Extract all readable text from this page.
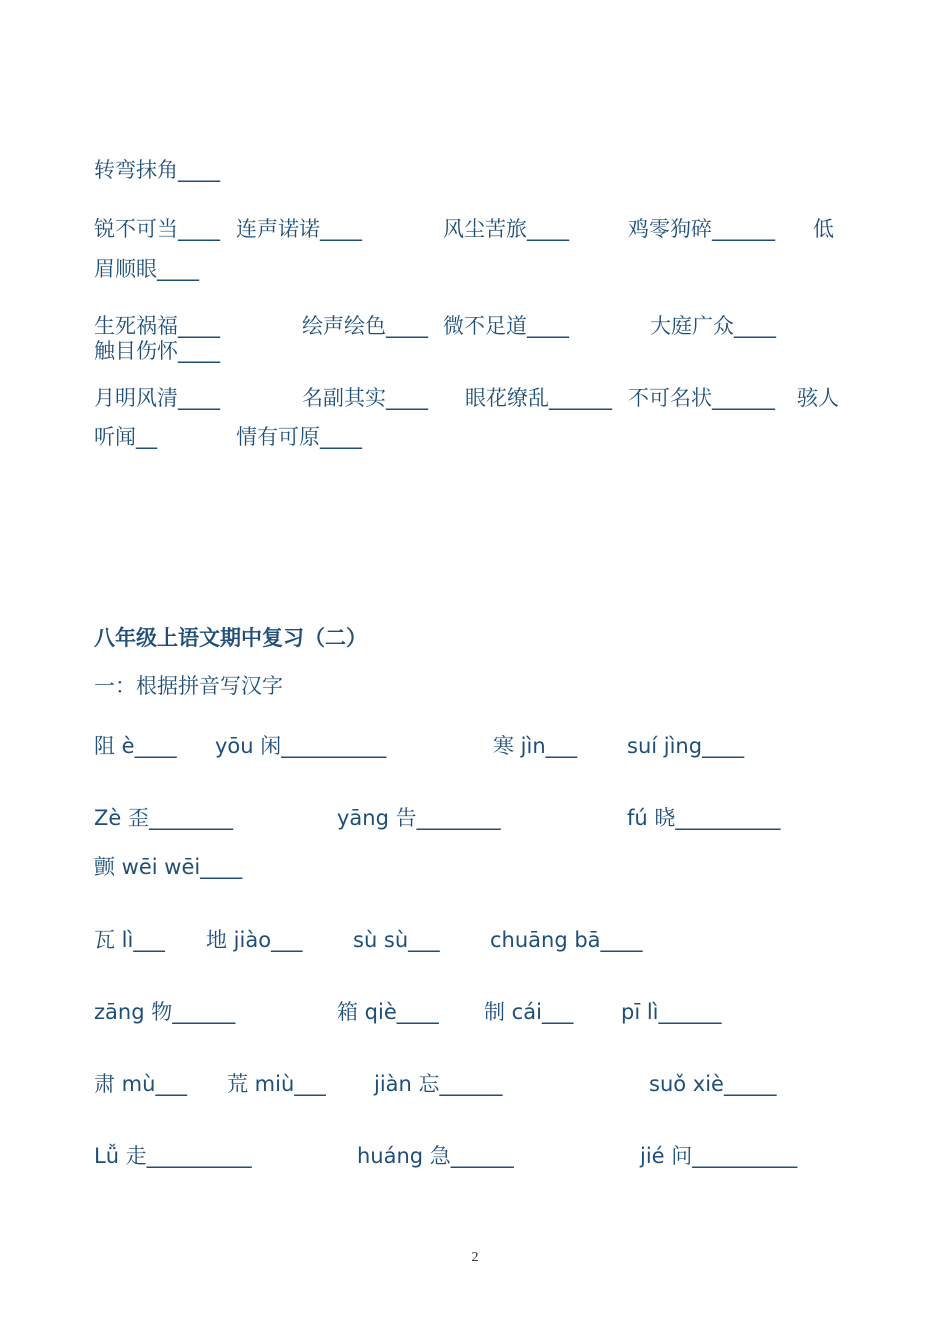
转弯抹角____
锐不可当____ 连声诺诺____	风尘苦旅____	鸡零狗碎______ 低
眉顺眼____
生死祸福____	绘声绘色____ 微不足道____	大庭广众____
触目伤怀____
月明风清____	名副其实____ 眼花缭乱______ 不可名状______ 骇人
听闻__	情有可原____
八年级上语文期中复习（二）
一：根据拼音写汉字
阻 è____ yōu 闲__________	寒 jìn___ suí jìng____
Zè 歪________	yāng 告________	fú 晓__________
颤 wēi wēi____
瓦 lì___ 地 jiào___ sù sù___ chuāng bā____
zāng 物______	箱 qiè____ 制 cái___ pī lì______
肃 mù___ 荒 miù___ jiàn 忘______	suǒ xiè_____
Lǚ 走__________	huáng 急______	jié 问__________
2
